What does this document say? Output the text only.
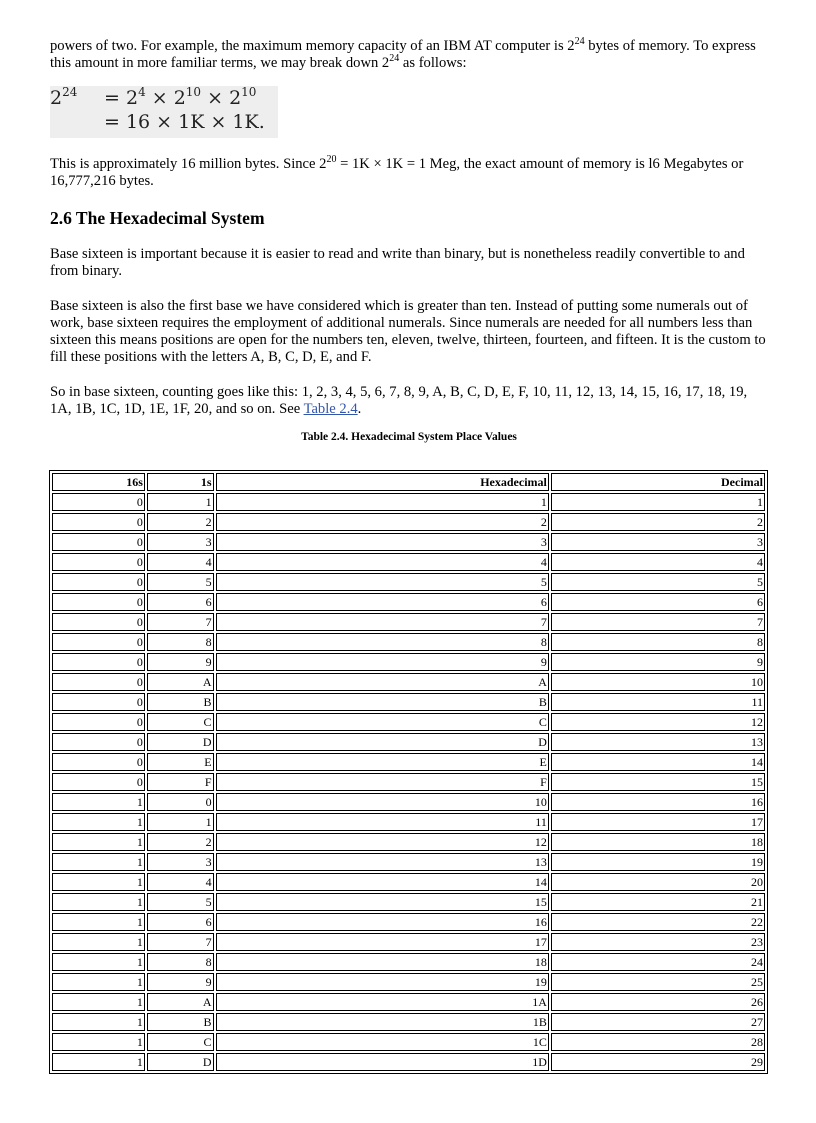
powers of two. For example, the maximum memory capacity of an IBM AT computer is $2^{24}$ bytes of memory. To express this amount in more familiar terms, we may break down $2^{24}$ as follows:

$2^{24}$	= $2^4 \times 2^{10} \times 2^{10}$
= 16 × 1K × 1K.

This is approximately 16 million bytes. Since $2^{20} = 1K \times 1K = 1$ Meg, the exact amount of memory is l6 Megabytes or 16,777,216 bytes.

2.6 The Hexadecimal System

Base sixteen is important because it is easier to read and write than binary, but is nonetheless readily convertible to and from binary.

Base sixteen is also the first base we have considered which is greater than ten. Instead of putting some numerals out of work, base sixteen requires the employment of additional numerals. Since numerals are needed for all numbers less than sixteen this means positions are open for the numbers ten, eleven, twelve, thirteen, fourteen, and fifteen. It is the custom to fill these positions with the letters A, B, C, D, E, and F.

So in base sixteen, counting goes like this: 1, 2, 3, 4, 5, 6, 7, 8, 9, A, B, C, D, E, F, 10, 11, 12, 13, 14, 15, 16, 17, 18, 19, 1A, 1B, 1C, 1D, 1E, 1F, 20, and so on. See Table 2.4.

Table 2.4. Hexadecimal System Place Values
16s	1s	Hexadecimal	Decimal
0	1	1	1
0	2	2	2
0	3	3	3
0	4	4	4
0	5	5	5
0	6	6	6
0	7	7	7
0	8	8	8
0	9	9	9
0	A	A	10
0	B	B	11
0	C	C	12
0	D	D	13
0	E	E	14
0	F	F	15
1	0	10	16
1	1	11	17
1	2	12	18
1	3	13	19
1	4	14	20
1	5	15	21
1	6	16	22
1	7	17	23
1	8	18	24
1	9	19	25
1	A	1A	26
1	B	1B	27
1	C	1C	28
1	D	1D	29
